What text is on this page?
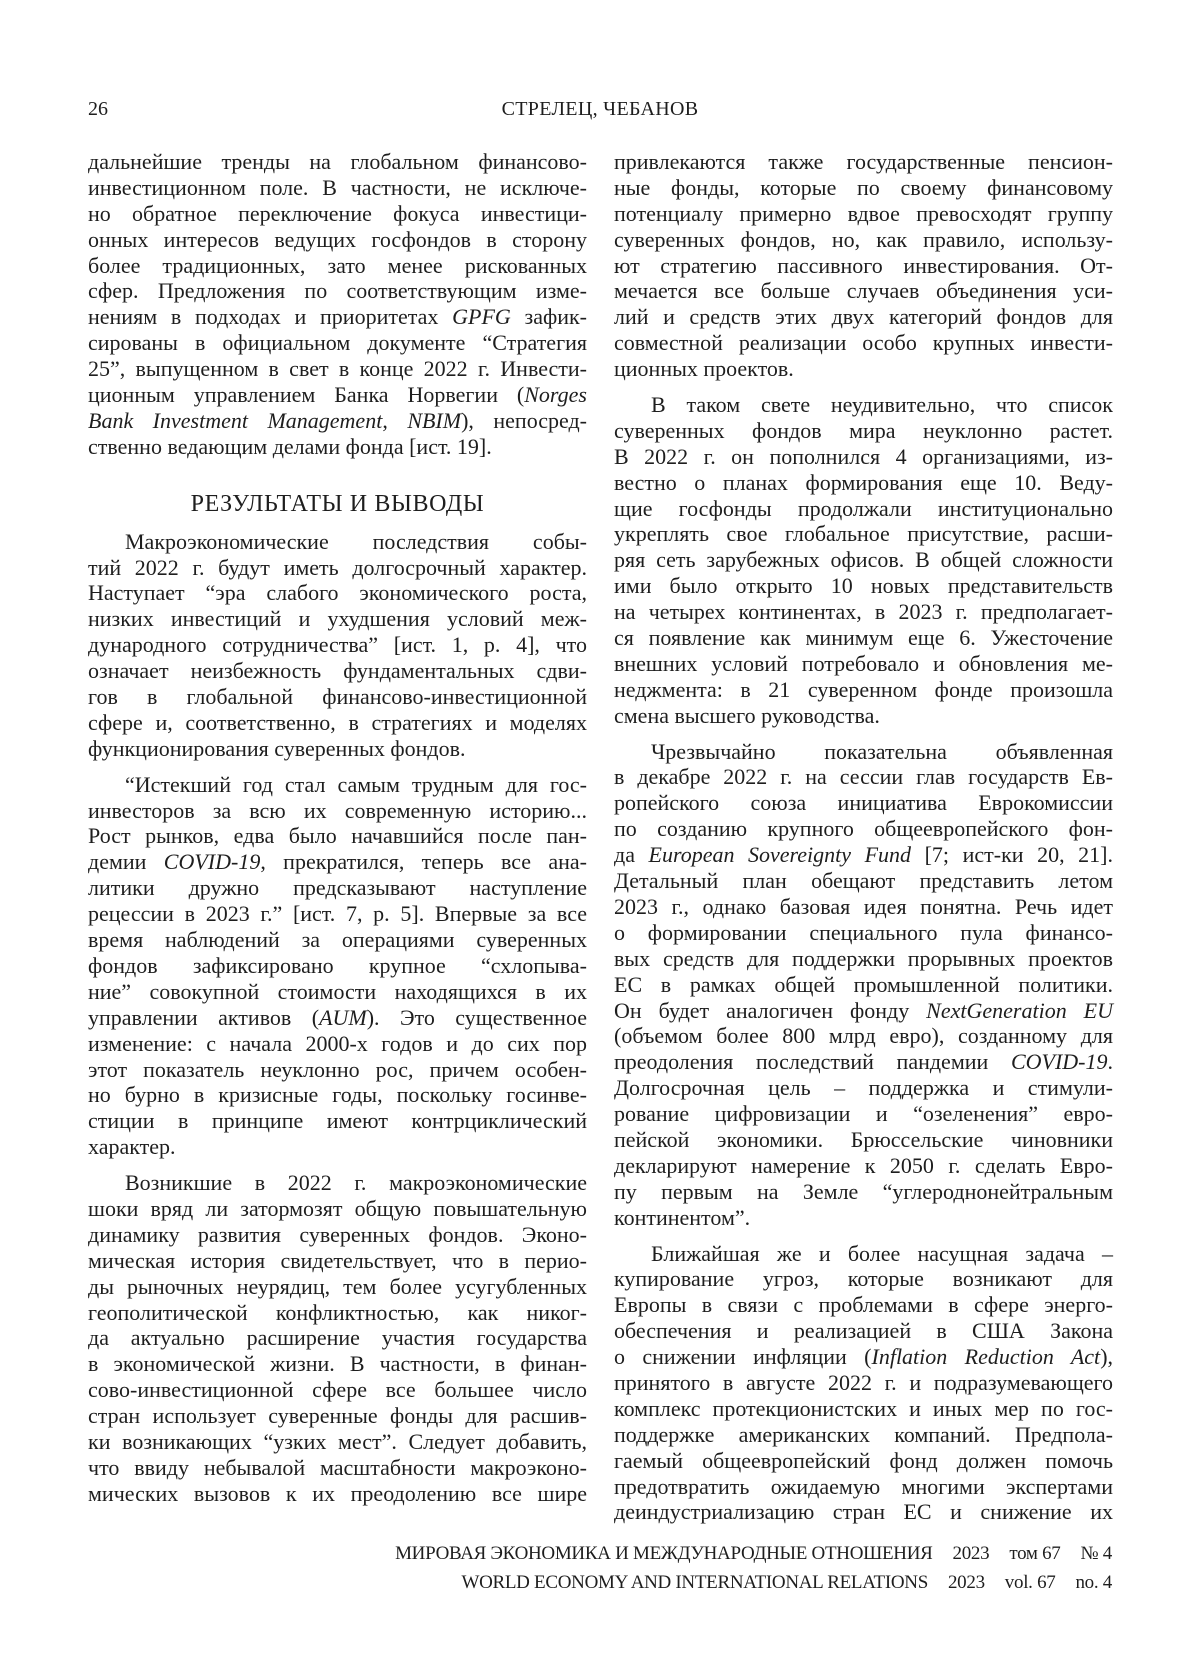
26	СТРЕЛЕЦ, ЧЕБАНОВ
дальнейшие тренды на глобальном финансово-
инвестиционном поле. В частности, не исключе-
но обратное переключение фокуса инвестици-
онных интересов ведущих госфондов в сторону
более традиционных, зато менее рискованных
сфер. Предложения по соответствующим изме-
нениям в подходах и приоритетах GPFG зафик-
сированы в официальном документе “Стратегия
25”, выпущенном в свет в конце 2022 г. Инвести-
ционным управлением Банка Норвегии (Norges
Bank Investment Management, NBIM), непосред-
ственно ведающим делами фонда [ист. 19].
РЕЗУЛЬТАТЫ И ВЫВОДЫ
Макроэкономические последствия собы-
тий 2022 г. будут иметь долгосрочный характер.
Наступает “эра слабого экономического роста,
низких инвестиций и ухудшения условий меж-
дународного сотрудничества” [ист. 1, p. 4], что
означает неизбежность фундаментальных сдви-
гов в глобальной финансово-инвестиционной
сфере и, соответственно, в стратегиях и моделях
функционирования суверенных фондов.
“Истекший год стал самым трудным для гос-
инвесторов за всю их современную историю...
Рост рынков, едва было начавшийся после пан-
демии COVID-19, прекратился, теперь все ана-
литики дружно предсказывают наступление
рецессии в 2023 г.” [ист. 7, p. 5]. Впервые за все
время наблюдений за операциями суверенных
фондов зафиксировано крупное “схлопыва-
ние” совокупной стоимости находящихся в их
управлении активов (AUM). Это существенное
изменение: с начала 2000-х годов и до сих пор
этот показатель неуклонно рос, причем особен-
но бурно в кризисные годы, поскольку госинве-
стиции в принципе имеют контрциклический
характер.
Возникшие в 2022 г. макроэкономические
шоки вряд ли затормозят общую повышательную
динамику развития суверенных фондов. Эконо-
мическая история свидетельствует, что в перио-
ды рыночных неурядиц, тем более усугубленных
геополитической конфликтностью, как никог-
да актуально расширение участия государства
в экономической жизни. В частности, в финан-
сово-инвестиционной сфере все большее число
стран использует суверенные фонды для расшив-
ки возникающих “узких мест”. Следует добавить,
что ввиду небывалой масштабности макроэконо-
мических вызовов к их преодолению все шире
привлекаются также государственные пенсион-
ные фонды, которые по своему финансовому
потенциалу примерно вдвое превосходят группу
суверенных фондов, но, как правило, использу-
ют стратегию пассивного инвестирования. От-
мечается все больше случаев объединения уси-
лий и средств этих двух категорий фондов для
совместной реализации особо крупных инвести-
ционных проектов.
В таком свете неудивительно, что список
суверенных фондов мира неуклонно растет.
В 2022 г. он пополнился 4 организациями, из-
вестно о планах формирования еще 10. Веду-
щие госфонды продолжали институционально
укреплять свое глобальное присутствие, расши-
ряя сеть зарубежных офисов. В общей сложности
ими было открыто 10 новых представительств
на четырех континентах, в 2023 г. предполагает-
ся появление как минимум еще 6. Ужесточение
внешних условий потребовало и обновления ме-
неджмента: в 21 суверенном фонде произошла
смена высшего руководства.
Чрезвычайно показательна объявленная
в декабре 2022 г. на сессии глав государств Ев-
ропейского союза инициатива Еврокомиссии
по созданию крупного общеевропейского фон-
да European Sovereignty Fund [7; ист-ки 20, 21].
Детальный план обещают представить летом
2023 г., однако базовая идея понятна. Речь идет
о формировании специального пула финансо-
вых средств для поддержки прорывных проектов
ЕС в рамках общей промышленной политики.
Он будет аналогичен фонду NextGeneration EU
(объемом более 800 млрд евро), созданному для
преодоления последствий пандемии COVID-19.
Долгосрочная цель – поддержка и стимули-
рование цифровизации и “озеленения” евро-
пейской экономики. Брюссельские чиновники
декларируют намерение к 2050 г. сделать Евро-
пу первым на Земле “углероднонейтральным
континентом”.
Ближайшая же и более насущная задача –
купирование угроз, которые возникают для
Европы в связи с проблемами в сфере энерго-
обеспечения и реализацией в США Закона
о снижении инфляции (Inflation Reduction Act),
принятого в августе 2022 г. и подразумевающего
комплекс протекционистских и иных мер по гос-
поддержке американских компаний. Предпола-
гаемый общеевропейский фонд должен помочь
предотвратить ожидаемую многими экспертами
деиндустриализацию стран ЕС и снижение их
МИРОВАЯ ЭКОНОМИКА И МЕЖДУНАРОДНЫЕ ОТНОШЕНИЯ 2023 том 67 № 4
WORLD ECONOMY AND INTERNATIONAL RELATIONS 2023 vol. 67 no. 4
